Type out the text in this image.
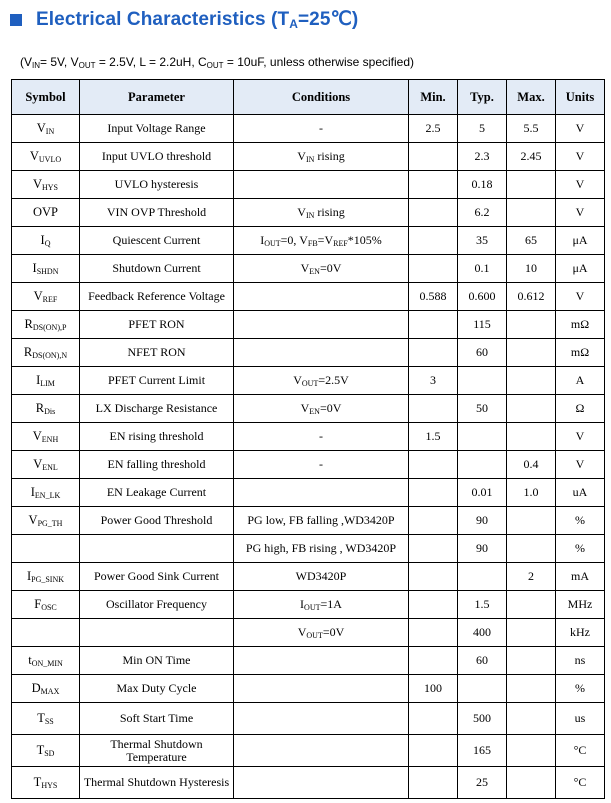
Electrical Characteristics $(T_A=25℃)$
($V_{IN}= 5V$, $V_{OUT} = 2.5V$, L = 2.2uH, $C_{OUT} = 10uF$, unless otherwise specified)
Symbol	Parameter	Conditions	Min.	Typ.	Max.	Units
$V_{IN}$	Input Voltage Range	-	2.5	5	5.5	V
$V_{UVLO}$	Input UVLO threshold	$V_{IN}$ rising		2.3	2.45	V
$V_{HYS}$	UVLO hysteresis			0.18		V
OVP	VIN OVP Threshold	$V_{IN}$ rising		6.2		V
$I_Q$	Quiescent Current	$I_{OUT}=0$, $V_{FB}=V_{REF}*105\%$		35	65	μA
$I_{SHDN}$	Shutdown Current	$V_{EN}=0V$		0.1	10	μA
$V_{REF}$	Feedback Reference Voltage		0.588	0.600	0.612	V
$R_{DS(ON),P}$	PFET RON			115		mΩ
$R_{DS(ON),N}$	NFET RON			60		mΩ
$I_{LIM}$	PFET Current Limit	$V_{OUT}=2.5V$	3			A
$R_{Dis}$	LX Discharge Resistance	$V_{EN}=0V$		50		Ω
$V_{ENH}$	EN rising threshold	-	1.5			V
$V_{ENL}$	EN falling threshold	-			0.4	V
$I_{EN\_LK}$	EN Leakage Current			0.01	1.0	uA
$V_{PG\_TH}$	Power Good Threshold	PG low, FB falling ,WD3420P		90		%
		PG high, FB rising , WD3420P		90		%
$I_{PG\_SINK}$	Power Good Sink Current	WD3420P			2	mA
$F_{OSC}$	Oscillator Frequency	$I_{OUT}=1A$		1.5		MHz
		$V_{OUT}=0V$		400		kHz
$t_{ON\_MIN}$	Min ON Time			60		ns
$D_{MAX}$	Max Duty Cycle		100			%
$T_{SS}$	Soft Start Time			500		us
$T_{SD}$	Thermal Shutdown Temperature			165		°C
$T_{HYS}$	Thermal Shutdown Hysteresis			25		°C
